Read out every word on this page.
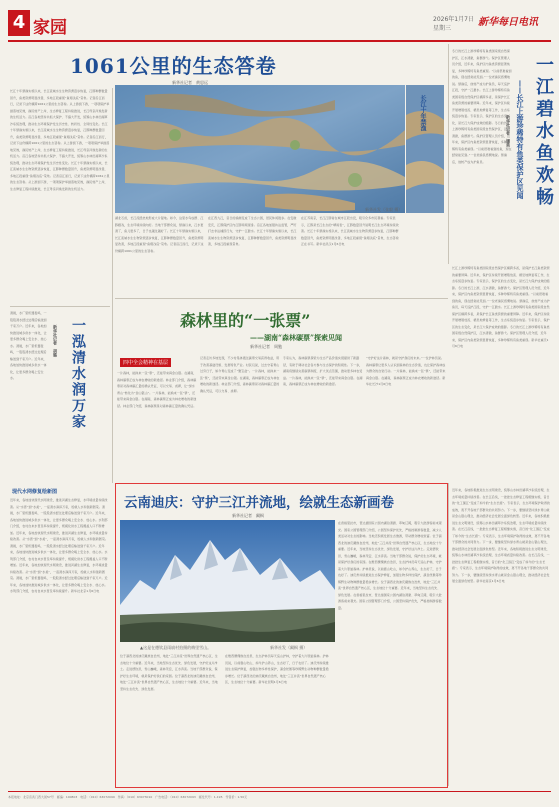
4 家园	2026年1月7日
星期三
新华每日电讯
1061公里的生态答卷
新华社记者　黄思远
长江十年禁渔实施以来，长江流域水生生物资源逐步恢复，江豚种群数量回升，鱼类资源明显改善，多地江段重现“鱼翔浅底”景象。记者沿江而行，记录下这份横跨1061公里的生态答卷。从上游到下游，一项项保护举措落地见效，渔民转产上岸，生态修复工程持续推进，长江母亲河焕发新的生机活力。沿江各地坚持共抓大保护、不搞大开发，统筹山水林田湖草沙系统治理，推动生态环境保护发生历史性、转折性、全局性变化。长江十年禁渔实施以来，长江流域水生生物资源逐步恢复，江豚种群数量回升，鱼类资源明显改善，多地江段重现“鱼翔浅底”景象。记者沿江而行，记录下这份横跨1061公里的生态答卷。从上游到下游，一项项保护举措落地见效，渔民转产上岸，生态修复工程持续推进，长江母亲河焕发新的生机活力。沿江各地坚持共抓大保护、不搞大开发，统筹山水林田湖草沙系统治理，推动生态环境保护发生历史性变化。长江十年禁渔实施以来，长江流域水生生物资源逐步恢复，江豚种群数量回升，鱼类资源明显改善，多地江段重现“鱼翔浅底”景象。记者沿江而行，记录下这份横跨1061公里的生态答卷。从上游到下游，一项项保护举措落地见效，渔民转产上岸，生态修复工程持续推进，长江母亲河焕发新的生机活力。
长江十年禁渔
新华社发（张毅 摄）
湖北石首，长江流经此地形成大片湿地。如今，这里水鸟成群、江豚嬉戏，生态环境持续向好。当地干部群众说，禁渔以来，江水更清了，鱼儿更多了，日子也越过越好了。长江十年禁渔实施以来，长江流域水生生物资源逐步恢复，江豚种群数量回升，鱼类资源明显改善，多地江段重现“鱼翔浅底”景象。记者沿江而行，记录下这份横跨1061公里的生态答卷。
在江西九江，昔日的渔港变成了生态公园，居民休闲散步。在安徽安庆，江豚保护区内江豚频频现身。沿江各地加强执法监管，严厉打击非法捕捞行为，守护一江碧水。长江十年禁渔实施以来，长江流域水生生物资源逐步恢复，江豚种群数量回升，鱼类资源明显改善，多地江段重现景象。
在江苏南京，长江江豚常在城市江段出没，吸引众多市民观看。专家表示，江豚是长江生态的“晴雨表”，江豚数量回升说明长江生态环境持续改善。长江十年禁渔实施以来，长江流域水生生物资源逐步恢复，江豚种群数量回升，鱼类资源明显改善，多地江段重现“鱼翔浅底”景象，生态答卷正在书写。新华社武汉1月6日电
冬日的长江上游珍稀特有鱼类国家级自然保护区，江水清澈，鱼群游弋。保护区管理人员介绍，近年来，保护区内鱼类资源显著恢复，多种珍稀特有鱼类重现。“以前很难看到的鱼，现在经常能见到。”一位老渔民感慨地说。禁渔后，他转产成为护鱼员，每天巡护江段，守护一江碧水。长江上游珍稀特有鱼类国家级自然保护区横跨多省，是保护长江鱼类资源的重要屏障。近年来，保护区持续开展增殖放流、栖息地修复等工作，生态系统逐步恢复。专家表示，保护区的生态变化，是长江大保护成效的缩影。冬日的长江上游珍稀特有鱼类国家级自然保护区，江水清澈，鱼群游弋。保护区管理人员介绍，近年来，保护区内鱼类资源显著恢复，多种珍稀特有鱼类重现。“以前很难看到的鱼，现在经常能见到。”一位老渔民感慨地说。禁渔后，他转产成为护鱼员。	一江碧水鱼欢畅
——长江上游珍稀特有鱼类保护区见闻
新华社记者　谭果
长江上游珍稀特有鱼类国家级自然保护区横跨多省，是保护长江鱼类资源的重要屏障。近年来，保护区持续开展增殖放流、栖息地修复等工作，生态系统逐步恢复。专家表示，保护区的生态变化，是长江大保护成效的缩影。冬日的长江上游，江水清澈，鱼群游弋。保护区管理人员介绍，近年来，保护区内鱼类资源显著恢复，多种珍稀特有鱼类重现。“以前很难看到的鱼，现在经常能见到。”一位老渔民感慨地说。禁渔后，他转产成为护鱼员，每天巡护江段，守护一江碧水。长江上游珍稀特有鱼类国家级自然保护区横跨多省，是保护长江鱼类资源的重要屏障。近年来，保护区持续开展增殖放流、栖息地修复等工作，生态系统逐步恢复。专家表示，保护区的生态变化，是长江大保护成效的缩影。冬日的长江上游珍稀特有鱼类国家级自然保护区，江水清澈，鱼群游弋。保护区管理人员介绍，近年来，保护区内鱼类资源显著恢复，多种珍稀特有鱼类重现。新华社重庆1月6日电
森林里的“一张票”
——湖南“森林碳票”探索见闻
新华社记者　周勉
四中全会精神在基层
一片森林，能换来一张“票”，还能带来真金白银。在湖南，森林碳票正成为林农增收的新途径。林业部门介绍，森林碳票是对森林碳汇量的确认凭证，可以交易、质押，让“绿水青山”转化为“金山银山”。一片森林，能换来一张“票”，还能带来真金白银。在湖南，森林碳票正成为林农增收的新途径。林业部门介绍，森林碳票是对森林碳汇量的确认凭证。
记者走访多地发现，不少村集体通过碳票交易获得收益，用于改善基础设施、发展特色产业。村民们说，过去守着青山过穷日子，如今青山变成了“聚宝盆”。一片森林，能换来一张“票”，还能带来真金白银。在湖南，森林碳票正成为林农增收的新途径。林业部门介绍，森林碳票是对森林碳汇量的确认凭证，可以交易、质押。
专家认为，森林碳票探索为生态产品价值实现提供了新路径，有助于调动社会各方参与生态保护的积极性。下一步，湖南将继续完善碳票制度，扩大试点范围，推动更多林农受益。一片森林，能换来一张“票”，还能带来真金白银。在湖南，森林碳票正成为林农增收的新途径。
“守护好这片森林，就是守护我们的未来。”一位护林员说。森林碳票让更多人认识到森林的生态价值，也让保护森林成为群众的自觉行动。一片森林，能换来一张“票”，还能带来真金白银。在湖南，森林碳票正成为林农增收的新途径。新华社长沙1月6日电
一泓清水润万家
新华社记者　胡璐
清晨，水厂里机器轰鸣，一股股清水经过处理后输送到千家万户。近年来，各地加快推进城乡供水一体化，让更多群众喝上安全水、放心水。清晨，水厂里机器轰鸣，一股股清水经过处理后输送到千家万户。近年来，各地加快推进城乡供水一体化，让更多群众喝上安全水。
现代水网修复绘新图
近年来，各地加快现代水网建设，推进河湖生态修复，水环境质量持续改善。从“水患”到“水美”，一泓清水润泽万家，绘就人水和谐新图景。清晨，水厂里机器轰鸣，一股股清水经过处理后输送到千家万户。近年来，各地加快推进城乡供水一体化，让更多群众喝上安全水、放心水。水利部门介绍，农村自来水普及率持续提升，规模化供水工程覆盖人口不断增加。近年来，各地加快现代水网建设，推进河湖生态修复，水环境质量持续改善。从“水患”到“水美”，一泓清水润泽万家，绘就人水和谐新图景。清晨，水厂里机器轰鸣，一股股清水经过处理后输送到千家万户。近年来，各地加快推进城乡供水一体化，让更多群众喝上安全水、放心水。水利部门介绍，农村自来水普及率持续提升，规模化供水工程覆盖人口不断增加。近年来，各地加快现代水网建设，推进河湖生态修复，水环境质量持续改善。从“水患”到“水美”，一泓清水润泽万家，绘就人水和谐新图景。清晨，水厂里机器轰鸣，一股股清水经过处理后输送到千家万户。近年来，各地加快推进城乡供水一体化，让更多群众喝上安全水、放心水。水利部门介绍，农村自来水普及率持续提升。新华社北京1月6日电
云南迪庆：守护三江并流地，绘就生态新画卷
新华社记者　阚枫
▲这是在德钦县雨崩村拍摄的梅里雪山。	新华社发（阚枫 摄）
位于滇西北的迪庆藏族自治州，地处“三江并流”世界自然遗产核心区，生态地位十分重要。近年来，当地坚持生态优先、绿色发展，守护好这片净土。走进德钦县，雪山巍峨，森林茂密，江水奔流。当地干部群众说，保护好生态环境，就是保护好我们的家园。位于滇西北的迪庆藏族自治州，地处“三江并流”世界自然遗产核心区，生态地位十分重要。近年来，当地坚持生态优先、绿色发展。
在维西傈僳族自治县，生态护林员每天巡山护林，守护着大片原始森林。护林员说，以前靠山吃山，如今护山养山，生态好了，日子也好了。迪庆州持续推进生态保护修复，加强生物多样性保护，滇金丝猴等珍稀野生动物种群数量稳步增长。位于滇西北的迪庆藏族自治州，地处“三江并流”世界自然遗产核心区，生态地位十分重要。新华社昆明1月6日电
在香格里拉市，普达措国家公园内湖泊清澈、草甸辽阔，吸引大批游客前来观光。国家公园管理部门介绍，公园坚持保护优先，严格控制游客数量，减少人类活动对生态的影响。当地还积极发展生态旅游，带动群众增收致富。位于滇西北的迪庆藏族自治州，地处“三江并流”世界自然遗产核心区，生态地位十分重要。近年来，当地坚持生态优先、绿色发展，守护好这片净土。走进德钦县，雪山巍峨，森林茂密，江水奔流。当地干部群众说，保护好生态环境，就是保护好我们的家园。在维西傈僳族自治县，生态护林员每天巡山护林，守护着大片原始森林。护林员说，以前靠山吃山，如今护山养山，生态好了，日子也好了。迪庆州持续推进生态保护修复，加强生物多样性保护，滇金丝猴等珍稀野生动物种群数量稳步增长。位于滇西北的迪庆藏族自治州，地处“三江并流”世界自然遗产核心区，生态地位十分重要。近年来，当地坚持生态优先、绿色发展。在香格里拉市，普达措国家公园内湖泊清澈、草甸辽阔，吸引大批游客前来观光。国家公园管理部门介绍，公园坚持保护优先，严格控制游客数量。
近年来，各地积极推进生态文明建设，统筹山水林田湖草沙系统治理，生态环境质量持续改善。在长江沿线，一批批生态修复工程相继实施，昔日的“化工围江”变成了如今的“生态长廊”。专家表示，生态环境保护取得的成效，离不开各地干部群众的共同努力。下一步，要继续坚持绿水青山就是金山银山理念，推动经济社会发展全面绿色转型。近年来，各地积极推进生态文明建设，统筹山水林田湖草沙系统治理，生态环境质量持续改善。在长江沿线，一批批生态修复工程相继实施，昔日的“化工围江”变成了如今的“生态长廊”。专家表示，生态环境保护取得的成效，离不开各地干部群众的共同努力。下一步，要继续坚持绿水青山就是金山银山理念，推动经济社会发展全面绿色转型。近年来，各地积极推进生态文明建设，统筹山水林田湖草沙系统治理，生态环境质量持续改善。在长江沿线，一批批生态修复工程相继实施，昔日的“化工围江”变成了如今的“生态长廊”。专家表示，生态环境保护取得的成效，离不开各地干部群众的共同努力。下一步，要继续坚持绿水青山就是金山银山理念，推动经济社会发展全面绿色转型。新华社南京1月6日电
本报地址：北京宣武门西大街57号　邮编：100803　电话：（010）63072099　传真：（010）63073010　广告电话：（010）63072093　邮发代号：1-195　零售价：1.50元
